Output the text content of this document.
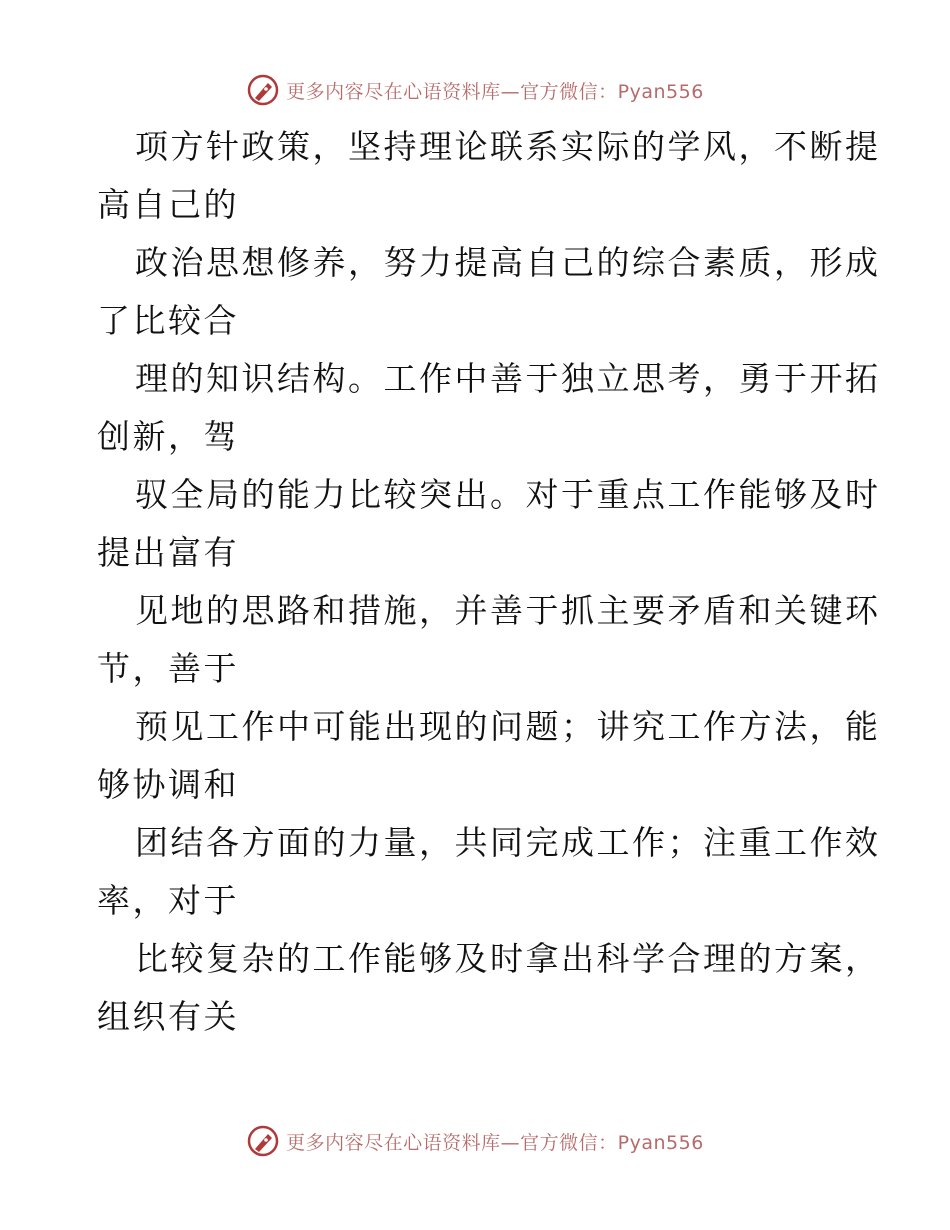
更多内容尽在心语资料库—官方微信：Pyan556
项方针政策，坚持理论联系实际的学风，不断提
高自己的
政治思想修养，努力提高自己的综合素质，形成
了比较合
理的知识结构。工作中善于独立思考，勇于开拓
创新，驾
驭全局的能力比较突出。对于重点工作能够及时
提出富有
见地的思路和措施，并善于抓主要矛盾和关键环
节，善于
预见工作中可能出现的问题；讲究工作方法，能
够协调和
团结各方面的力量，共同完成工作；注重工作效
率，对于
比较复杂的工作能够及时拿出科学合理的方案，
组织有关
更多内容尽在心语资料库—官方微信：Pyan556
